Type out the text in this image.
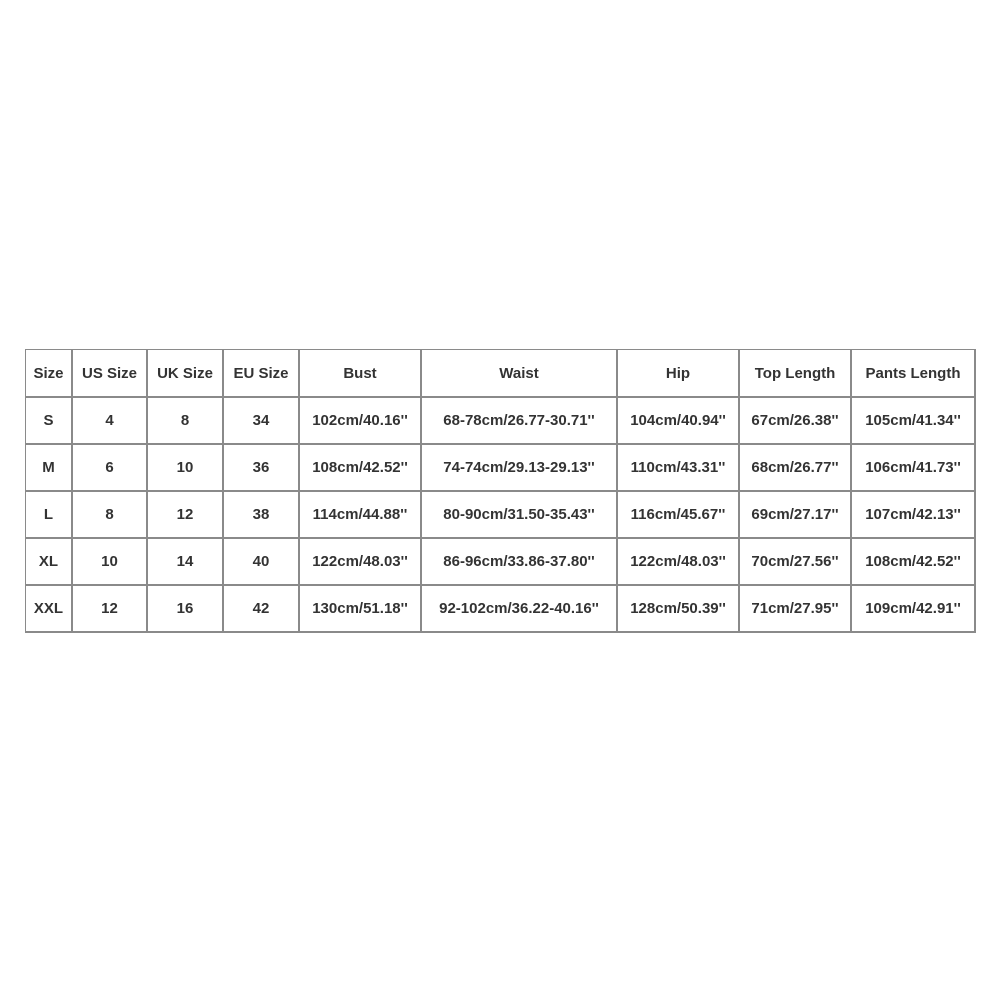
Size	US Size	UK Size	EU Size	Bust	Waist	Hip	Top Length	Pants Length
S	4	8	34	102cm/40.16''	68-78cm/26.77-30.71''	104cm/40.94''	67cm/26.38''	105cm/41.34''
M	6	10	36	108cm/42.52''	74-74cm/29.13-29.13''	110cm/43.31''	68cm/26.77''	106cm/41.73''
L	8	12	38	114cm/44.88''	80-90cm/31.50-35.43''	116cm/45.67''	69cm/27.17''	107cm/42.13''
XL	10	14	40	122cm/48.03''	86-96cm/33.86-37.80''	122cm/48.03''	70cm/27.56''	108cm/42.52''
XXL	12	16	42	130cm/51.18''	92-102cm/36.22-40.16''	128cm/50.39''	71cm/27.95''	109cm/42.91''
